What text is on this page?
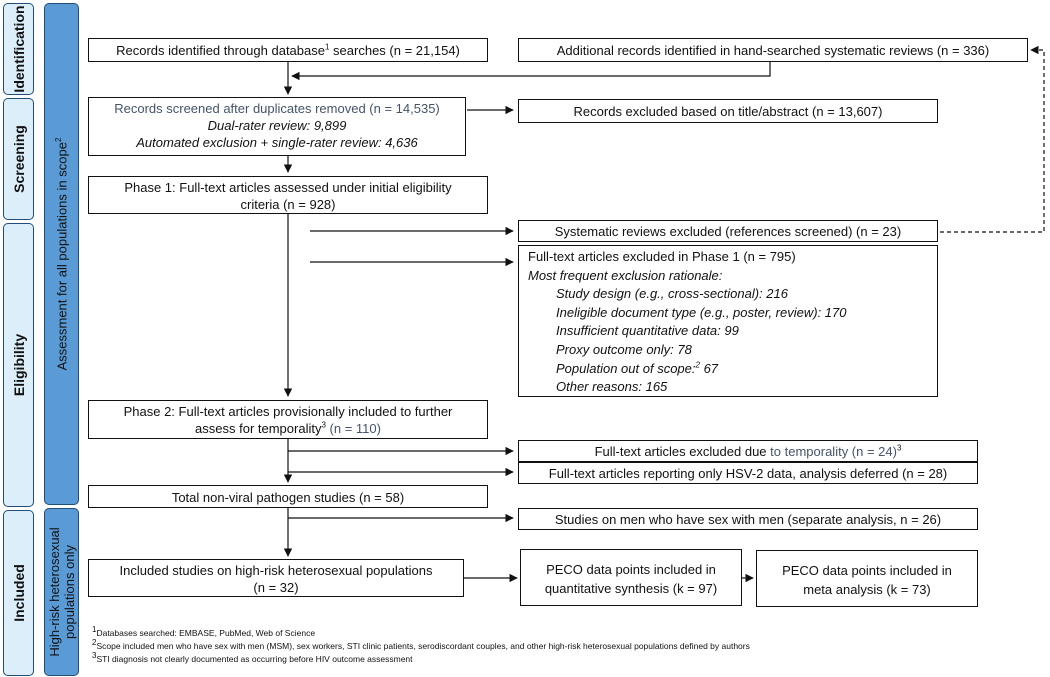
Identification
Screening
Eligibility
Included
Assessment for all populations in scope$^2$
High-risk heterosexual
populations only
Records identified through database$^1$ searches (n = 21,154)	Additional records identified in hand-searched systematic reviews (n = 336)
Records screened after duplicates removed (n = 14,535)
Dual-rater review: 9,899
Automated exclusion + single-rater review: 4,636
Records excluded based on title/abstract (n = 13,607)
Phase 1: Full-text articles assessed under initial eligibility
criteria (n = 928)
Systematic reviews excluded (references screened) (n = 23)
Full-text articles excluded in Phase 1 (n = 795)
Most frequent exclusion rationale:
Study design (e.g., cross-sectional): 216
Ineligible document type (e.g., poster, review): 170
Insufficient quantitative data: 99
Proxy outcome only: 78
Population out of scope:$^2$ 67
Other reasons: 165
Phase 2: Full-text articles provisionally included to further
assess for temporality$^3$ (n = 110)
Full-text articles excluded due to temporality (n = 24)$^3$
Full-text articles reporting only HSV-2 data, analysis deferred (n = 28)
Total non-viral pathogen studies (n = 58)
Studies on men who have sex with men (separate analysis, n = 26)
Included studies on high-risk heterosexual populations
(n = 32)
PECO data points included in
quantitative synthesis (k = 97)
PECO data points included in
meta analysis (k = 73)
$^1$Databases searched: EMBASE, PubMed, Web of Science
$^2$Scope included men who have sex with men (MSM), sex workers, STI clinic patients, serodiscordant couples, and other high-risk heterosexual populations defined by authors
$^3$STI diagnosis not clearly documented as occurring before HIV outcome assessment
